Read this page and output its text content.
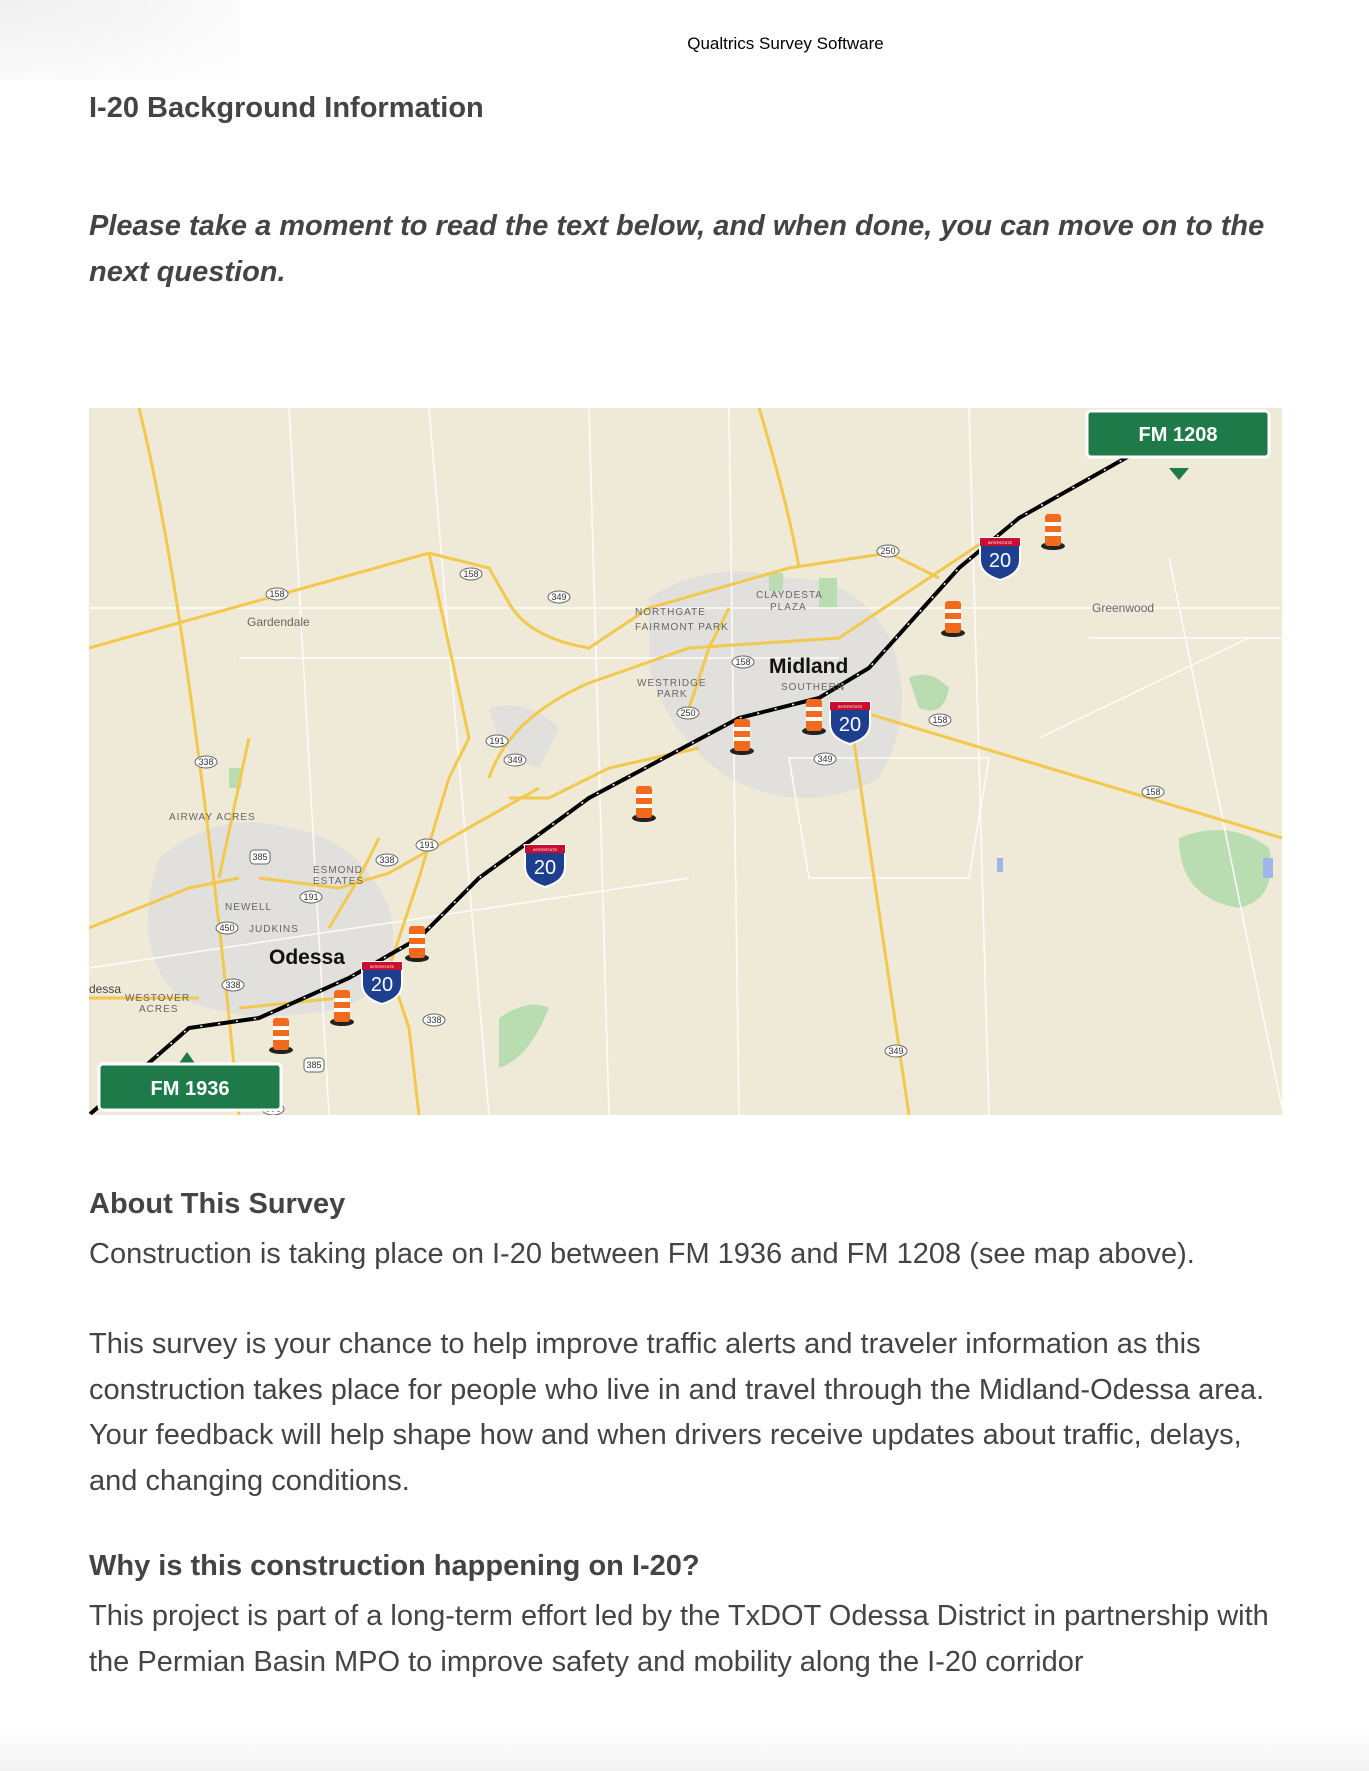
Qualtrics Survey Software
I-20 Background Information
Please take a moment to read the text below, and when done, you can move on to the next question.
Gardendale
Greenwood
NORTHGATE
FAIRMONT PARK
CLAYDESTA
PLAZA
WESTRIDGE
PARK
SOUTHERN
AIRWAY ACRES
ESMOND
ESTATES
NEWELL
JUDKINS
WESTOVER
ACRES
Midland
Odessa
dessa
158
158
158
158
158
349
349	349
349
250
250
191
191
191
338
338
338
338
385
385
450
INTERSTATE
20
INTERSTATE
20
INTERSTATE
20
INTERSTATE
20
FM 1208
FM 1936
About This Survey
Construction is taking place on I-20 between FM 1936 and FM 1208 (see map above).
This survey is your chance to help improve traffic alerts and traveler information as this construction takes place for people who live in and travel through the Midland-Odessa area. Your feedback will help shape how and when drivers receive updates about traffic, delays, and changing conditions.
Why is this construction happening on I-20?
This project is part of a long-term effort led by the TxDOT Odessa District in partnership with the Permian Basin MPO to improve safety and mobility along the I-20 corridor
